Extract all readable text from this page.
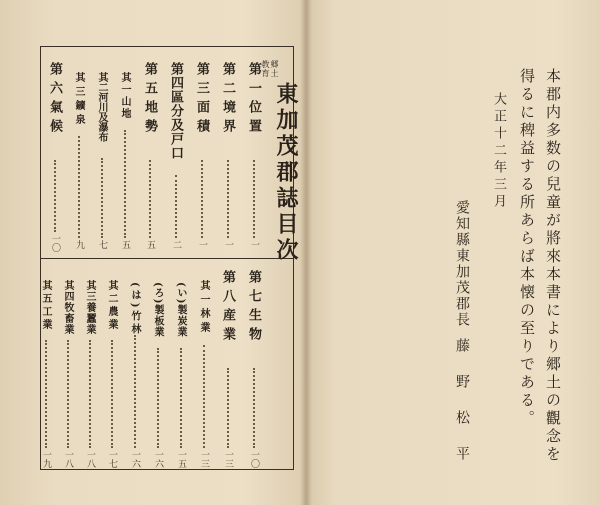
郷土
教育
東加茂郡誌目次
第一位置
一
第二境界
一
第三面積
一
第四區分及戸口
二
第五地勢
五
其一山地
五
其二河川及瀑布
七
其三鑛泉
九
第六氣候
一〇
第七生物
一〇
第八産業
一三
其一林業
一三
(い)製炭業
一五
(ろ)製板業
一六
(は)竹林
一六
其二農業
一七
其三養蠶業
一八
其四牧畜業
一八
其五工業
一九	本郡内多数の兒童が將來本書により郷土の觀念を
得るに稗益する所あらば本懐の至りである。
大正十二年三月
愛知縣東加茂郡長
藤野松平
